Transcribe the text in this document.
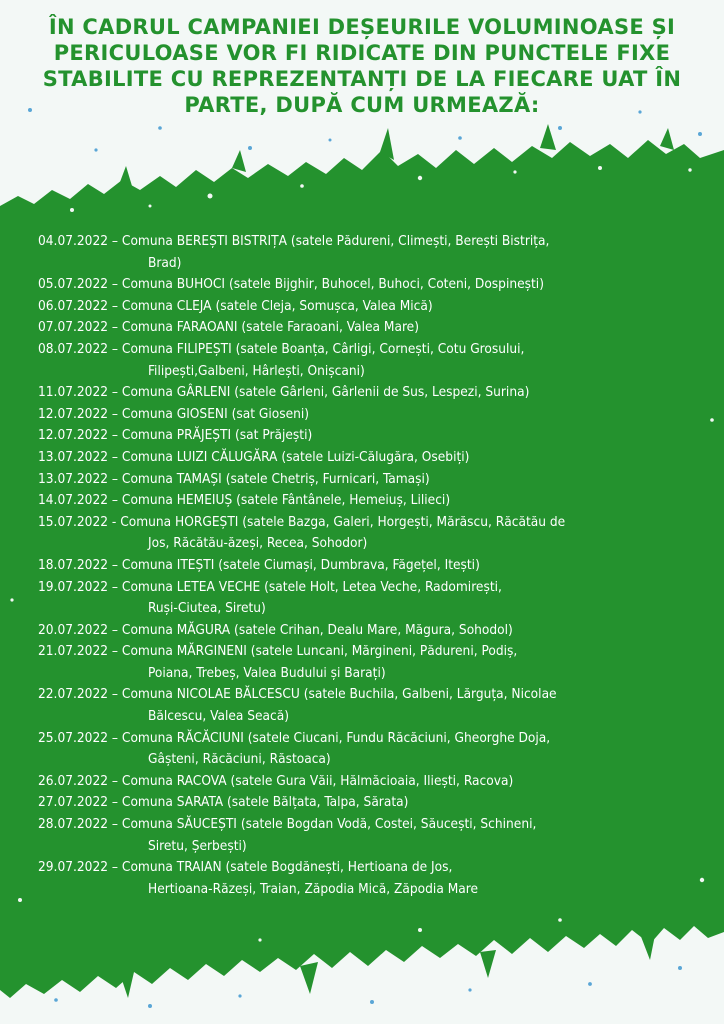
ÎN CADRUL CAMPANIEI DEȘEURILE VOLUMINOASE ȘI PERICULOASE VOR FI RIDICATE DIN PUNCTELE FIXE STABILITE CU REPREZENTANȚI DE LA FIECARE UAT ÎN PARTE, DUPĂ CUM URMEAZĂ:
04.07.2022 – Comuna BEREȘTI BISTRIȚA (satele Pădureni, Climești, Berești Bistrița,
Brad)
05.07.2022 – Comuna BUHOCI (satele Bijghir, Buhocel, Buhoci, Coteni, Dospinești)
06.07.2022 – Comuna CLEJA (satele Cleja, Somușca, Valea Mică)
07.07.2022 – Comuna FARAOANI (satele Faraoani, Valea Mare)
08.07.2022 – Comuna FILIPEȘTI (satele Boanța, Cârligi, Cornești, Cotu Grosului,
Filipești,Galbeni, Hârlești, Onișcani)
11.07.2022 – Comuna GÂRLENI (satele Gârleni, Gârlenii de Sus, Lespezi, Surina)
12.07.2022 – Comuna GIOSENI (sat Gioseni)
12.07.2022 – Comuna PRĂJEȘTI (sat Prăjești)
13.07.2022 – Comuna LUIZI CĂLUGĂRA (satele Luizi-Călugăra, Osebiți)
13.07.2022 – Comuna TAMAȘI (satele Chetriș, Furnicari, Tamași)
14.07.2022 – Comuna HEMEIUȘ (satele Fântânele, Hemeiuș, Lilieci)
15.07.2022 - Comuna HORGEȘTI (satele Bazga, Galeri, Horgești, Mărăscu, Răcătău de
Jos, Răcătău-ăzeși, Recea, Sohodor)
18.07.2022 – Comuna ITEȘTI (satele Ciumași, Dumbrava, Făgețel, Itești)
19.07.2022 – Comuna LETEA VECHE (satele Holt, Letea Veche, Radomirești,
Ruși-Ciutea, Siretu)
20.07.2022 – Comuna MĂGURA (satele Crihan, Dealu Mare, Măgura, Sohodol)
21.07.2022 – Comuna MĂRGINENI (satele Luncani, Mărgineni, Pădureni, Podiș,
Poiana, Trebeș, Valea Budului și Barați)
22.07.2022 – Comuna NICOLAE BĂLCESCU (satele Buchila, Galbeni, Lărguța, Nicolae
Bălcescu, Valea Seacă)
25.07.2022 – Comuna RĂCĂCIUNI (satele Ciucani, Fundu Răcăciuni, Gheorghe Doja,
Gâșteni, Răcăciuni, Răstoaca)
26.07.2022 – Comuna RACOVA (satele Gura Văii, Hălmăcioaia, Iliești, Racova)
27.07.2022 – Comuna SARATA (satele Bălțata, Talpa, Sărata)
28.07.2022 – Comuna SĂUCEȘTI (satele Bogdan Vodă, Costei, Săucești, Schineni,
Siretu, Șerbești)
29.07.2022 – Comuna TRAIAN (satele Bogdănești, Hertioana de Jos,
Hertioana-Răzeși, Traian, Zăpodia Mică, Zăpodia Mare
